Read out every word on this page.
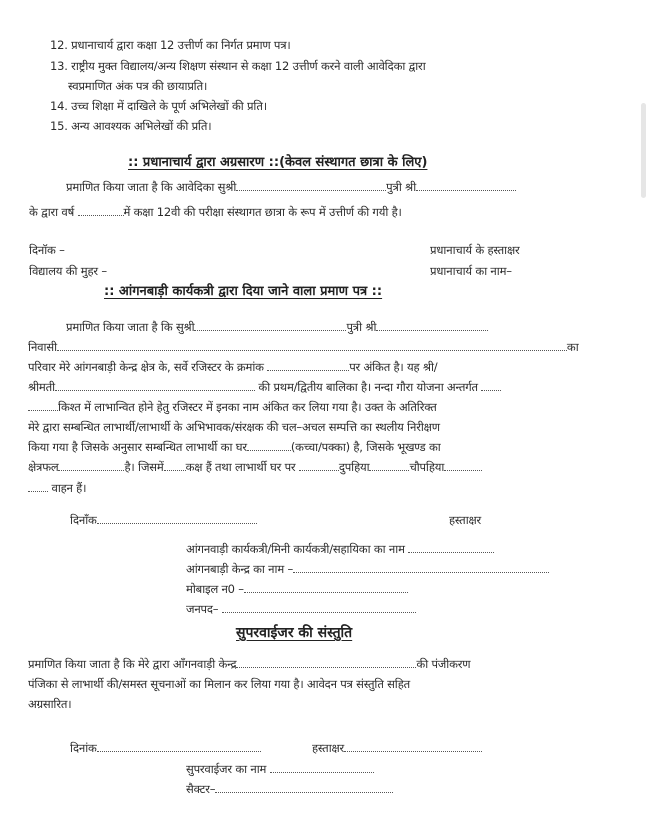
12. प्रधानाचार्य द्वारा कक्षा 12 उत्तीर्ण का निर्गत प्रमाण पत्र।
13. राष्ट्रीय मुक्त विद्यालय/अन्य शिक्षण संस्थान से कक्षा 12 उत्तीर्ण करने वाली आवेदिका द्वारा
स्वप्रमाणित अंक पत्र की छायाप्रति।
14. उच्च शिक्षा में दाखिले के पूर्ण अभिलेखों की प्रति।
15. अन्य आवश्यक अभिलेखों की प्रति।
:: प्रधानाचार्य द्वारा अग्रसारण ::(केवल संस्थागत छात्रा के लिए)
प्रमाणित किया जाता है कि आवेदिका सुश्री	पुत्री श्री
के द्वारा वर्ष	में कक्षा 12वी की परीक्षा संस्थागत छात्रा के रूप में उत्तीर्ण की गयी है।
दिनॉक –	प्रधानाचार्य के हस्ताक्षर
विद्यालय की मुहर –	प्रधानाचार्य का नाम–
:: आंगनबाड़ी कार्यकत्री द्वारा दिया जाने वाला प्रमाण पत्र ::
प्रमाणित किया जाता है कि सुश्री	पुत्री श्री
निवासी	का
परिवार मेरे आंगनबाड़ी केन्द्र क्षेत्र के, सर्वे रजिस्टर के क्रमांक	पर अंकित है। यह श्री/
श्रीमती	की प्रथम/द्वितीय बालिका है। नन्दा गौरा योजना अन्तर्गत
किश्त में लाभान्वित होने हेतु रजिस्टर में इनका नाम अंकित कर लिया गया है। उक्त के अतिरिक्त
मेरे द्वारा सम्बन्धित लाभार्थी/लाभार्थी के अभिभावक/संरक्षक की चल–अचल सम्पत्ति का स्थलीय निरीक्षण
किया गया है जिसके अनुसार सम्बन्धित लाभार्थी का घर	(कच्चा/पक्का) है, जिसके भूखण्ड का
क्षेत्रफल	है। जिसमें कक्ष हैं तथा लाभार्थी घर पर	दुपहिया	चौपहिया
वाहन हैं।
दिनॉंक	हस्ताक्षर
आंगनवाड़ी कार्यकत्री/मिनी कार्यकत्री/सहायिका का नाम
आंगनबाड़ी केन्द्र का नाम –
मोबाइल न0 –
जनपद–
सुपरवाईजर की संस्तुति
प्रमाणित किया जाता है कि मेरे द्वारा ऑंगनवाड़ी केन्द्र	की पंजीकरण
पंजिका से लाभार्थी की/समस्त सूचनाओं का मिलान कर लिया गया है। आवेदन पत्र संस्तुति सहित
अग्रसारित।
दिनांक	हस्ताक्षर
सुपरवाईजर का नाम
सैक्टर–
